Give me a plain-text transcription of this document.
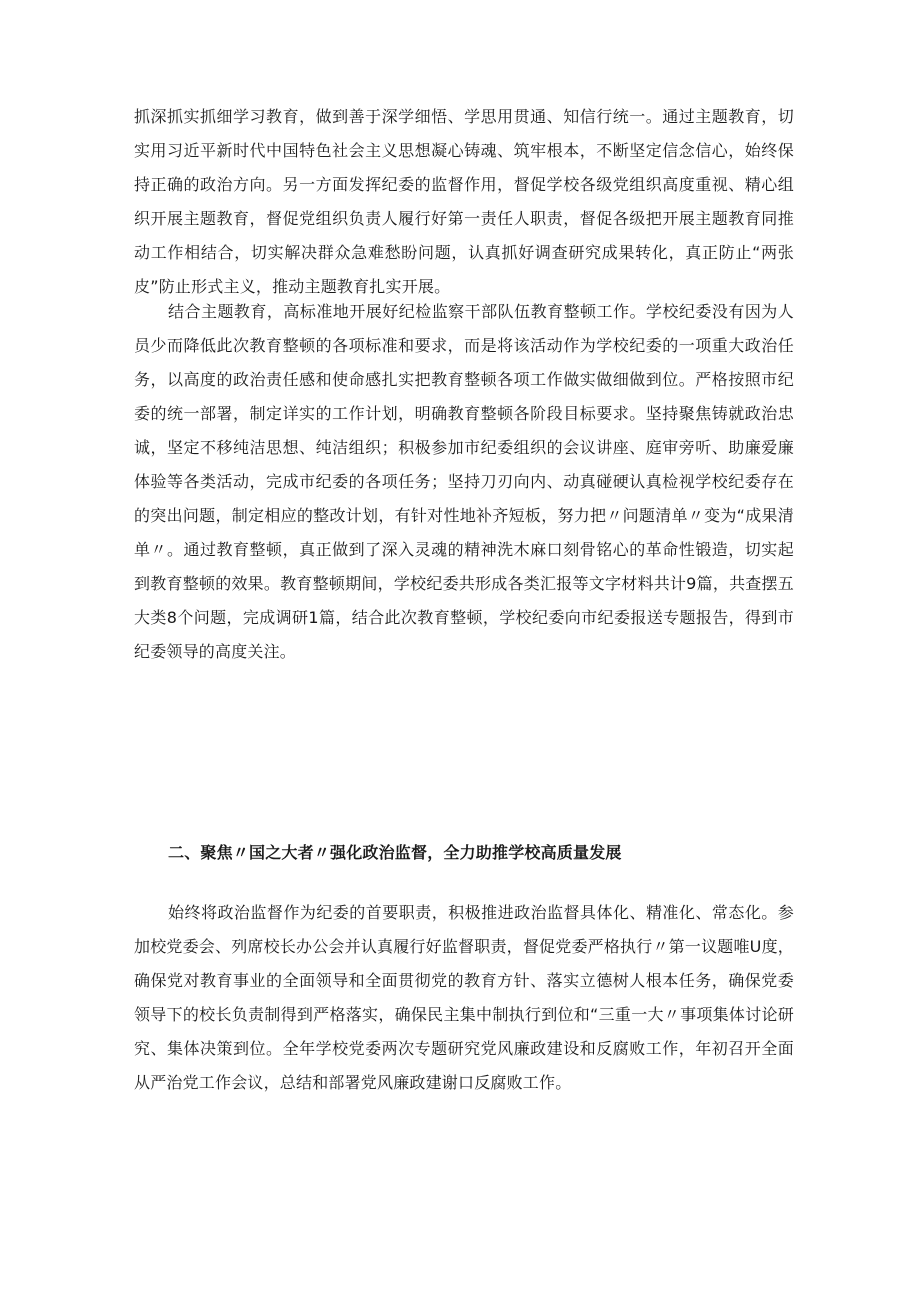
抓深抓实抓细学习教育，做到善于深学细悟、学思用贯通、知信行统一。通过主题教育，切实用习近平新时代中国特色社会主义思想凝心铸魂、筑牢根本，不断坚定信念信心，始终保持正确的政治方向。另一方面发挥纪委的监督作用，督促学校各级党组织高度重视、精心组织开展主题教育，督促党组织负责人履行好第一责任人职责，督促各级把开展主题教育同推动工作相结合，切实解决群众急难愁盼问题，认真抓好调查研究成果转化，真正防止“两张皮”防止形式主义，推动主题教育扎实开展。

结合主题教育，高标准地开展好纪检监察干部队伍教育整顿工作。学校纪委没有因为人员少而降低此次教育整顿的各项标准和要求，而是将该活动作为学校纪委的一项重大政治任务，以高度的政治责任感和使命感扎实把教育整顿各项工作做实做细做到位。严格按照市纪委的统一部署，制定详实的工作计划，明确教育整顿各阶段目标要求。坚持聚焦铸就政治忠诚，坚定不移纯洁思想、纯洁组织；积极参加市纪委组织的会议讲座、庭审旁听、助廉爱廉体验等各类活动，完成市纪委的各项任务；坚持刀刃向内、动真碰硬认真检视学校纪委存在的突出问题，制定相应的整改计划，有针对性地补齐短板，努力把〃问题清单〃变为“成果清单〃。通过教育整顿，真正做到了深入灵魂的精神洗木麻口刻骨铭心的革命性锻造，切实起到教育整顿的效果。教育整顿期间，学校纪委共形成各类汇报等文字材料共计9篇，共查摆五大类8个问题，完成调研1篇，结合此次教育整顿，学校纪委向市纪委报送专题报告，得到市纪委领导的高度关注。

二、聚焦〃国之大者〃强化政治监督，全力助推学校高质量发展

始终将政治监督作为纪委的首要职责，积极推进政治监督具体化、精准化、常态化。参加校党委会、列席校长办公会并认真履行好监督职责，督促党委严格执行〃第一议题唯U度，确保党对教育事业的全面领导和全面贯彻党的教育方针、落实立德树人根本任务，确保党委领导下的校长负责制得到严格落实，确保民主集中制执行到位和“三重一大〃事项集体讨论研究、集体决策到位。全年学校党委两次专题研究党风廉政建设和反腐败工作，年初召开全面从严治党工作会议，总结和部署党风廉政建谢口反腐败工作。
